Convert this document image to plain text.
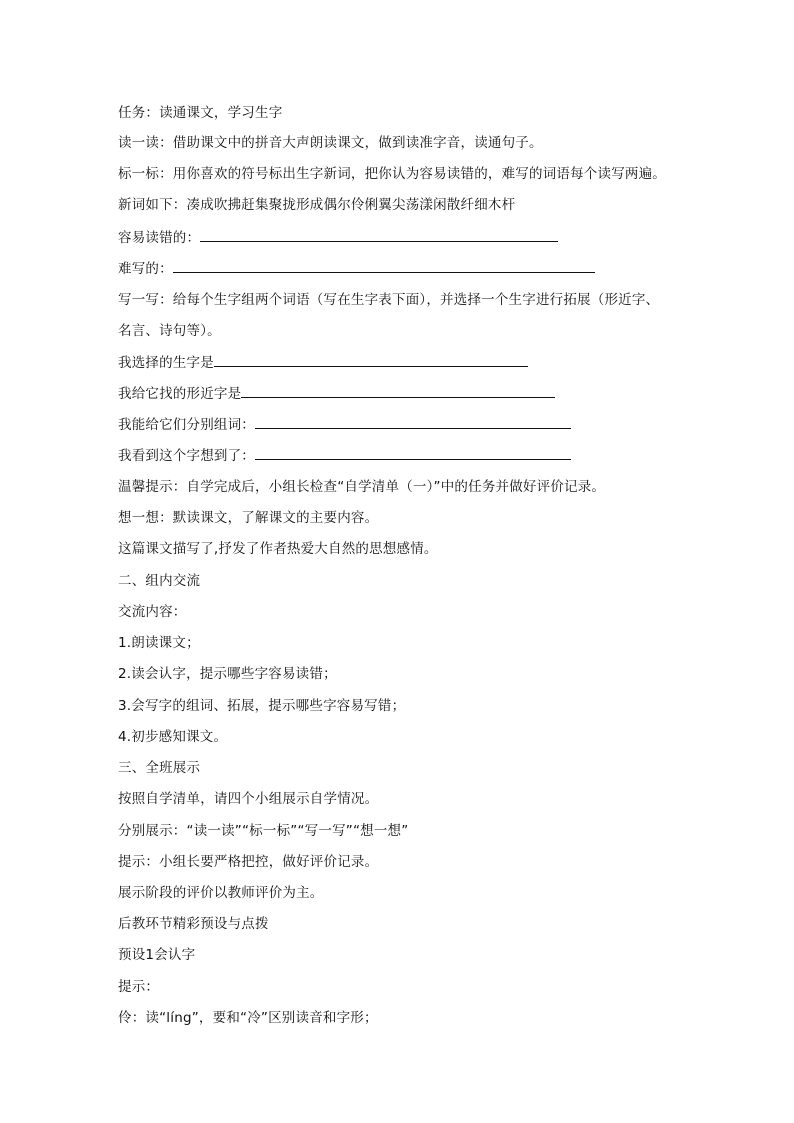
任务：读通课文，学习生字
读一读：借助课文中的拼音大声朗读课文，做到读准字音，读通句子。
标一标：用你喜欢的符号标出生字新词，把你认为容易读错的，难写的词语每个读写两遍。
新词如下：凑成吹拂赶集聚拢形成偶尔伶俐翼尖荡漾闲散纤细木杆
容易读错的：
难写的：
写一写：给每个生字组两个词语（写在生字表下面），并选择一个生字进行拓展（形近字、
名言、诗句等）。
我选择的生字是
我给它找的形近字是
我能给它们分别组词：
我看到这个字想到了：
温馨提示：自学完成后，小组长检查“自学清单（一）”中的任务并做好评价记录。
想一想：默读课文，了解课文的主要内容。
这篇课文描写了,抒发了作者热爱大自然的思想感情。
二、组内交流
交流内容：
1.朗读课文；
2.读会认字，提示哪些字容易读错；
3.会写字的组词、拓展，提示哪些字容易写错；
4.初步感知课文。
三、全班展示
按照自学清单，请四个小组展示自学情况。
分别展示：“读一读”“标一标”“写一写”“想一想”
提示：小组长要严格把控，做好评价记录。
展示阶段的评价以教师评价为主。
后教环节精彩预设与点拨
预设1会认字
提示：
伶：读“líng”，要和“冷”区别读音和字形；
